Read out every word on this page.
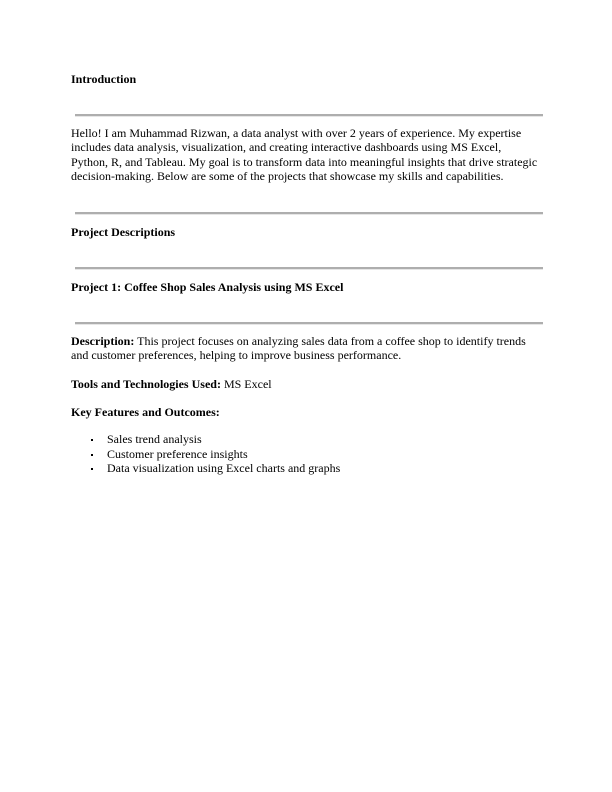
Introduction
Hello! I am Muhammad Rizwan, a data analyst with over 2 years of experience. My expertise includes data analysis, visualization, and creating interactive dashboards using MS Excel, Python, R, and Tableau. My goal is to transform data into meaningful insights that drive strategic decision-making. Below are some of the projects that showcase my skills and capabilities.
Project Descriptions
Project 1: Coffee Shop Sales Analysis using MS Excel
Description: This project focuses on analyzing sales data from a coffee shop to identify trends and customer preferences, helping to improve business performance.
Tools and Technologies Used: MS Excel
Key Features and Outcomes:
Sales trend analysis
Customer preference insights
Data visualization using Excel charts and graphs
